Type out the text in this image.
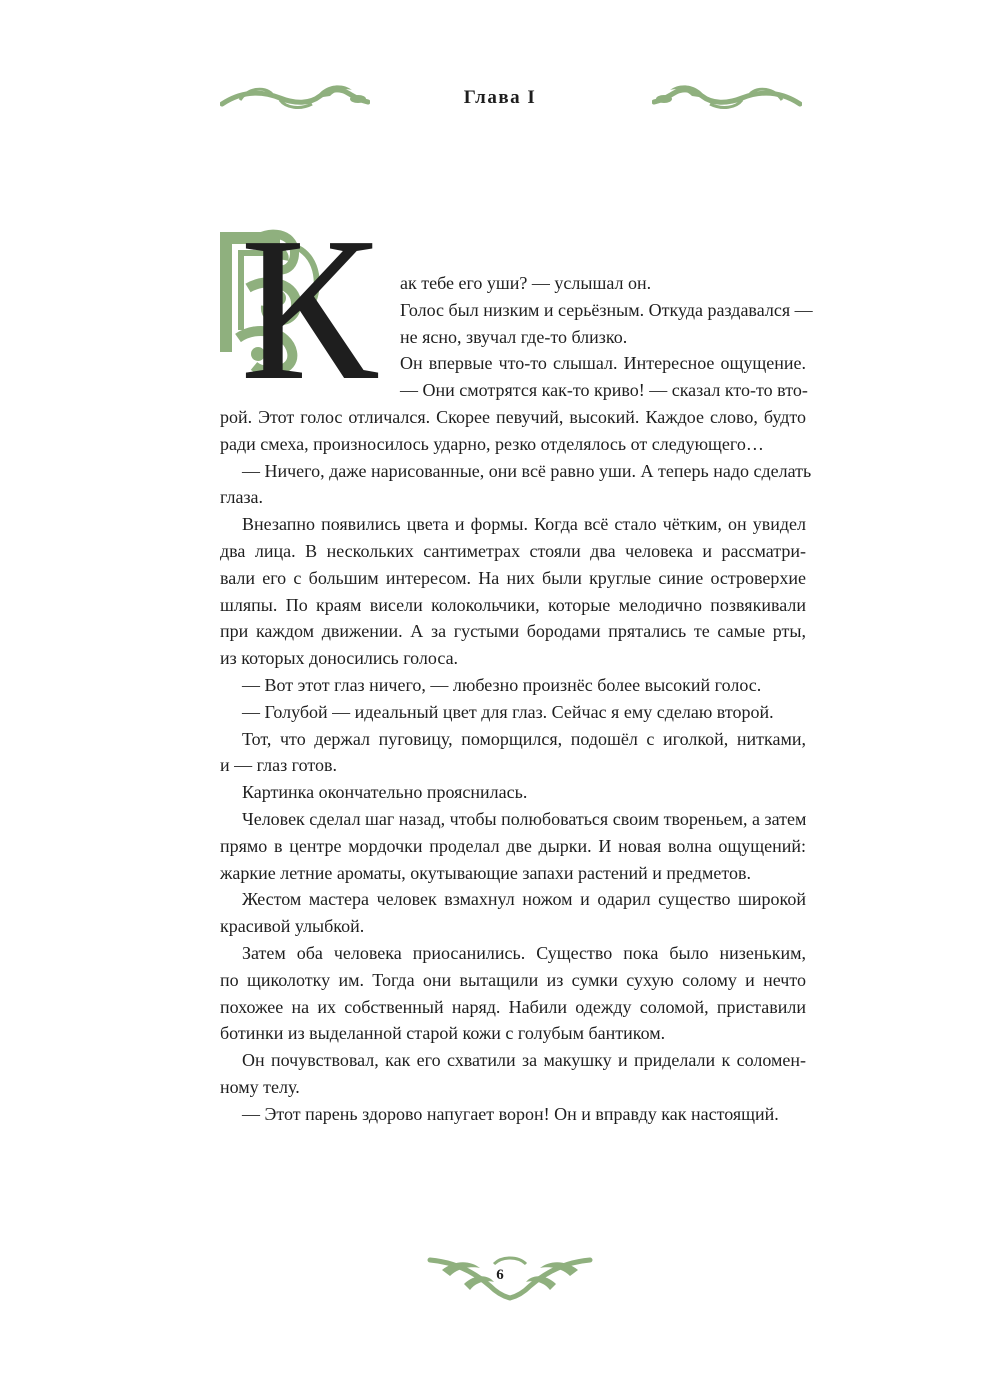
Глава I
К	ак тебе его уши? — услышал он.
Голос был низким и серьёзным. Откуда раздавался —
не ясно, звучал где-то близко.
Он впервые что-то слышал. Интересное ощущение.
— Они смотрятся как-то криво! — сказал кто-то вто-
рой. Этот голос отличался. Скорее певучий, высокий. Каждое слово, будто
ради смеха, произносилось ударно, резко отделялось от следующего…
— Ничего, даже нарисованные, они всё равно уши. А теперь надо сделать
глаза.
Внезапно появились цвета и формы. Когда всё стало чётким, он увидел
два лица. В нескольких сантиметрах стояли два человека и рассматри-
вали его с большим интересом. На них были круглые синие островерхие
шляпы. По краям висели колокольчики, которые мелодично позвякивали
при каждом движении. А за густыми бородами прятались те самые рты,
из которых доносились голоса.
— Вот этот глаз ничего, — любезно произнёс более высокий голос.
— Голубой — идеальный цвет для глаз. Сейчас я ему сделаю второй.
Тот, что держал пуговицу, поморщился, подошёл с иголкой, нитками,
и — глаз готов.
Картинка окончательно прояснилась.
Человек сделал шаг назад, чтобы полюбоваться своим твореньем, а затем
прямо в центре мордочки проделал две дырки. И новая волна ощущений:
жаркие летние ароматы, окутывающие запахи растений и предметов.
Жестом мастера человек взмахнул ножом и одарил существо широкой
красивой улыбкой.
Затем оба человека приосанились. Существо пока было низеньким,
по щиколотку им. Тогда они вытащили из сумки сухую солому и нечто
похожее на их собственный наряд. Набили одежду соломой, приставили
ботинки из выделанной старой кожи с голубым бантиком.
Он почувствовал, как его схватили за макушку и приделали к соломен-
ному телу.
— Этот парень здорово напугает ворон! Он и вправду как настоящий.
6
